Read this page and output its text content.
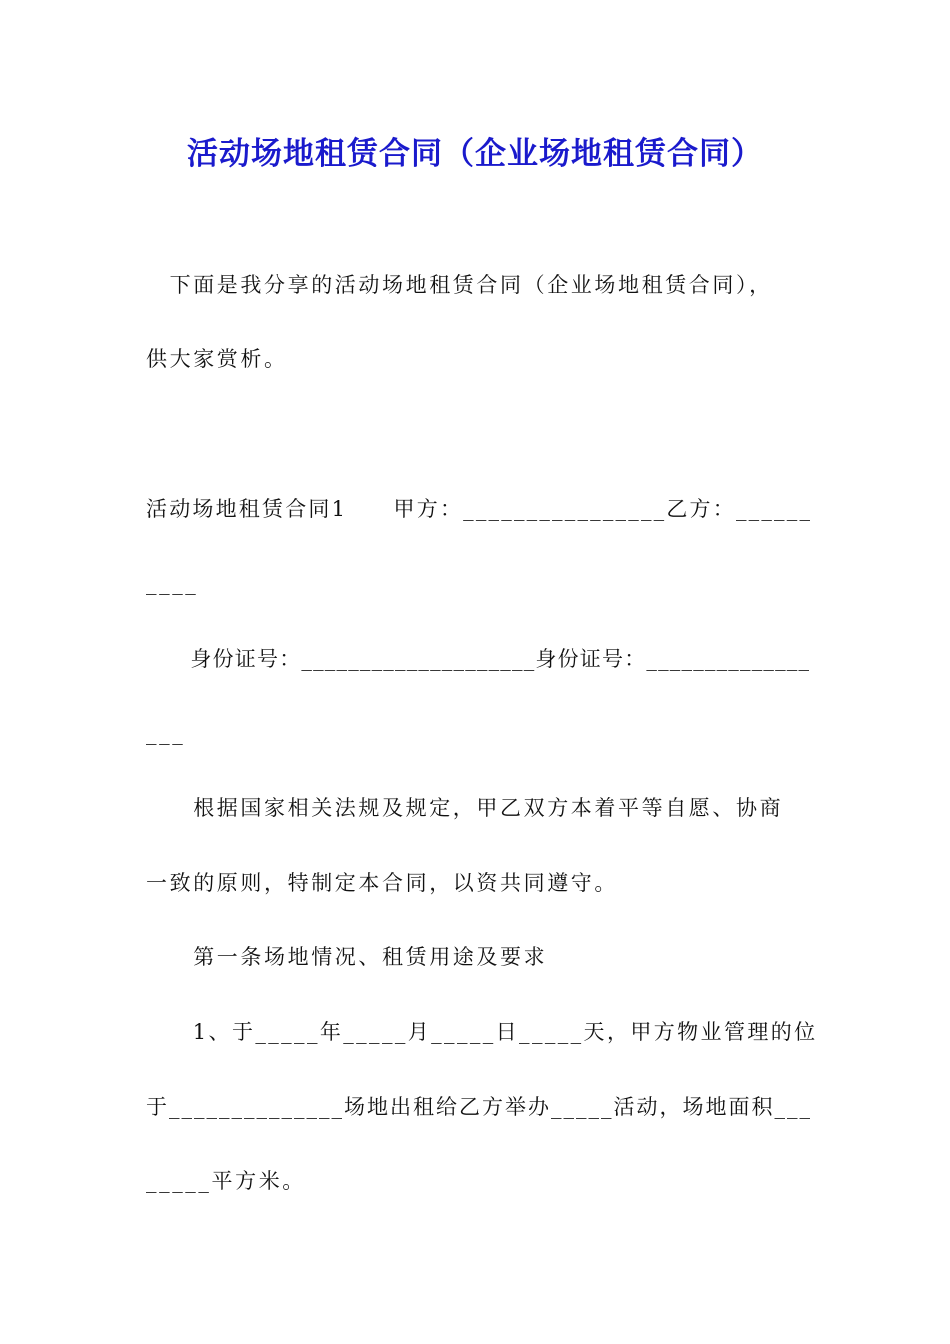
活动场地租赁合同（企业场地租赁合同）

　下面是我分享的活动场地租赁合同（企业场地租赁合同），

供大家赏析。

活动场地租赁合同1　　甲方：________________乙方：______

____

　　身份证号：____________________身份证号：______________

___

　　根据国家相关法规及规定，甲乙双方本着平等自愿、协商

一致的原则，特制定本合同，以资共同遵守。

　　第一条场地情况、租赁用途及要求

　　1、于_____年_____月_____日_____天，甲方物业管理的位

于______________场地出租给乙方举办_____活动，场地面积___

_____平方米。
